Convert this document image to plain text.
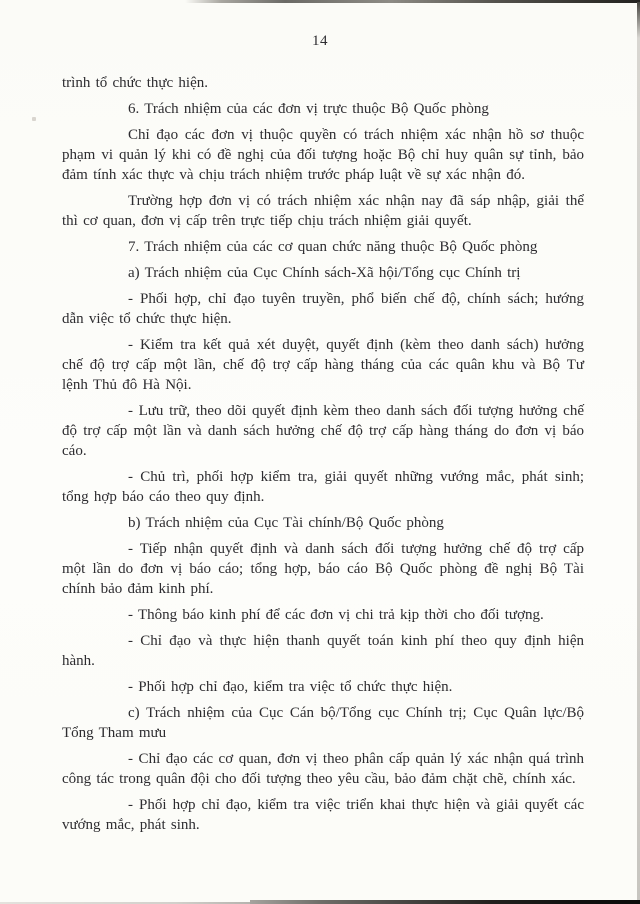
14

trình tổ chức thực hiện.

6. Trách nhiệm của các đơn vị trực thuộc Bộ Quốc phòng

Chỉ đạo các đơn vị thuộc quyền có trách nhiệm xác nhận hồ sơ thuộc phạm vi quản lý khi có đề nghị của đối tượng hoặc Bộ chỉ huy quân sự tỉnh, bảo đảm tính xác thực và chịu trách nhiệm trước pháp luật về sự xác nhận đó.

Trường hợp đơn vị có trách nhiệm xác nhận nay đã sáp nhập, giải thể thì cơ quan, đơn vị cấp trên trực tiếp chịu trách nhiệm giải quyết.

7. Trách nhiệm của các cơ quan chức năng thuộc Bộ Quốc phòng

a) Trách nhiệm của Cục Chính sách-Xã hội/Tổng cục Chính trị

- Phối hợp, chỉ đạo tuyên truyền, phổ biến chế độ, chính sách; hướng dẫn việc tổ chức thực hiện.

- Kiểm tra kết quả xét duyệt, quyết định (kèm theo danh sách) hưởng chế độ trợ cấp một lần, chế độ trợ cấp hàng tháng của các quân khu và Bộ Tư lệnh Thủ đô Hà Nội.

- Lưu trữ, theo dõi quyết định kèm theo danh sách đối tượng hưởng chế độ trợ cấp một lần và danh sách hưởng chế độ trợ cấp hàng tháng do đơn vị báo cáo.

- Chủ trì, phối hợp kiểm tra, giải quyết những vướng mắc, phát sinh; tổng hợp báo cáo theo quy định.

b) Trách nhiệm của Cục Tài chính/Bộ Quốc phòng

- Tiếp nhận quyết định và danh sách đối tượng hưởng chế độ trợ cấp một lần do đơn vị báo cáo; tổng hợp, báo cáo Bộ Quốc phòng đề nghị Bộ Tài chính bảo đảm kinh phí.

- Thông báo kinh phí để các đơn vị chi trả kịp thời cho đối tượng.

- Chỉ đạo và thực hiện thanh quyết toán kinh phí theo quy định hiện hành.

- Phối hợp chỉ đạo, kiểm tra việc tổ chức thực hiện.

c) Trách nhiệm của Cục Cán bộ/Tổng cục Chính trị; Cục Quân lực/Bộ Tổng Tham mưu

- Chỉ đạo các cơ quan, đơn vị theo phân cấp quản lý xác nhận quá trình công tác trong quân đội cho đối tượng theo yêu cầu, bảo đảm chặt chẽ, chính xác.

- Phối hợp chỉ đạo, kiểm tra việc triển khai thực hiện và giải quyết các vướng mắc, phát sinh.
